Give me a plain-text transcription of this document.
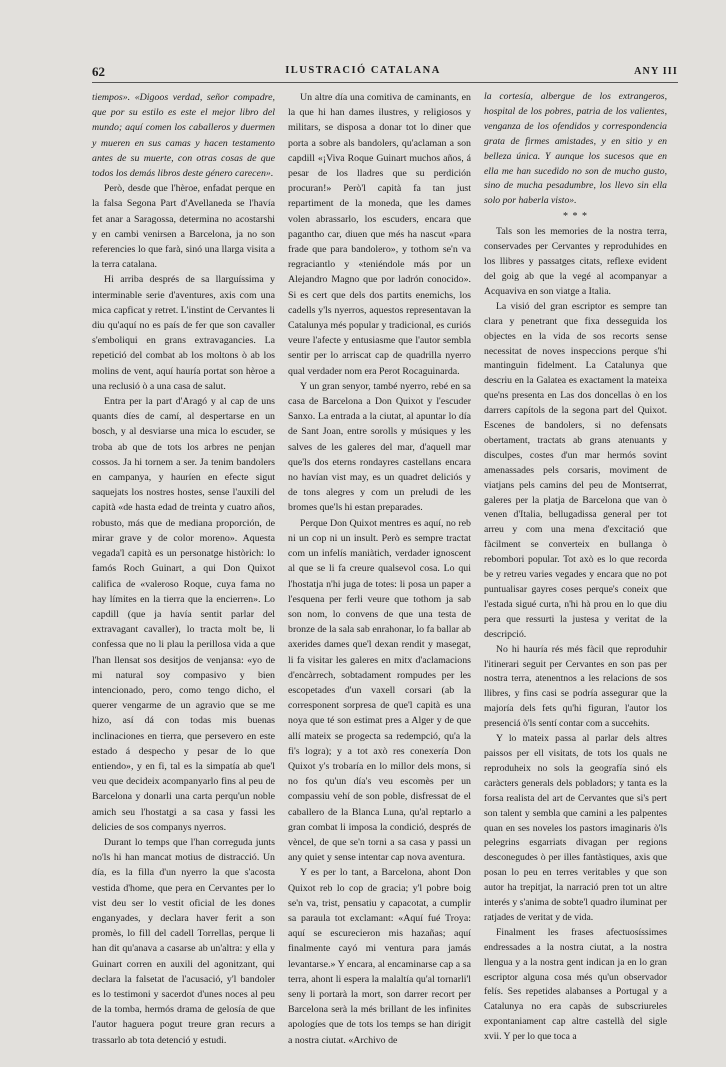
62	ILUSTRACIÓ CATALANA	ANY III

tiempos». «Digoos verdad, señor compadre, que por su estilo es este el mejor libro del mundo; aquí comen los caballeros y duermen y mueren en sus camas y hacen testamento antes de su muerte, con otras cosas de que todos los demás libros deste género carecen».

Però, desde que l'hèroe, enfadat perque en la falsa Segona Part d'Avellaneda se l'havía fet anar a Saragossa, determina no acostarshi y en cambi venirsen a Barcelona, ja no son referencies lo que farà, sinó una llarga visita a la terra catalana.

Hi arriba després de sa llarguíssima y interminable serie d'aventures, axis com una mica capficat y retret. L'instint de Cervantes li diu qu'aquí no es país de fer que son cavaller s'emboliqui en grans extravagancies. La repetició del combat ab los moltons ò ab los molins de vent, aquí hauría portat son hèroe a una reclusió ò a una casa de salut.

Entra per la part d'Aragó y al cap de uns quants díes de camí, al despertarse en un bosch, y al desviarse una mica lo escuder, se troba ab que de tots los arbres ne penjan cossos. Ja hi tornem a ser. Ja tenim bandolers en campanya, y hauríen en efecte sigut saquejats los nostres hostes, sense l'auxili del capità «de hasta edad de treinta y cuatro años, robusto, más que de mediana proporción, de mirar grave y de color moreno». Aquesta vegada'l capità es un personatge històrich: lo famós Roch Guinart, a qui Don Quixot califica de «valeroso Roque, cuya fama no hay límites en la tierra que la encierren». Lo capdill (que ja havía sentit parlar del extravagant cavaller), lo tracta molt be, li confessa que no li plau la perillosa vida a que l'han llensat sos desitjos de venjansa: «yo de mi natural soy compasivo y bien intencionado, pero, como tengo dicho, el querer vengarme de un agravio que se me hizo, así dá con todas mis buenas inclinaciones en tierra, que persevero en este estado á despecho y pesar de lo que entiendo», y en fi, tal es la simpatía ab que'l veu que decideix acompanyarlo fins al peu de Barcelona y donarli una carta perqu'un noble amich seu l'hostatgi a sa casa y fassi les delicies de sos companys nyerros.

Durant lo temps que l'han correguda junts no'ls hi han mancat motius de distracció. Un día, es la filla d'un nyerro la que s'acosta vestida d'home, que pera en Cervantes per lo vist deu ser lo vestit oficial de les dones enganyades, y declara haver ferit a son promès, lo fill del cadell Torrellas, perque li han dit qu'anava a casarse ab un'altra: y ella y Guinart corren en auxili del agonitzant, qui declara la falsetat de l'acusació, y'l bandoler es lo testimoni y sacerdot d'unes noces al peu de la tomba, hermós drama de gelosía de que l'autor haguera pogut treure gran recurs a trassarlo ab tota detenció y estudi.

Un altre día una comitiva de caminants, en la que hi han dames ilustres, y religiosos y militars, se disposa a donar tot lo diner que porta a sobre als bandolers, qu'aclaman a son capdill «¡Viva Roque Guinart muchos años, á pesar de los lladres que su perdición procuran!» Però'l capità fa tan just repartiment de la moneda, que les dames volen abrassarlo, los escuders, encara que pagantho car, diuen que més ha nascut «para frade que para bandolero», y tothom se'n va regraciantlo y «teniéndole más por un Alejandro Magno que por ladrón conocido». Si es cert que dels dos partits enemichs, los cadells y'ls nyerros, aquestos representavan la Catalunya més popular y tradicional, es curiós veure l'afecte y entusiasme que l'autor sembla sentir per lo arriscat cap de quadrilla nyerro qual verdader nom era Perot Rocaguinarda.

Y un gran senyor, també nyerro, rebé en sa casa de Barcelona a Don Quixot y l'escuder Sanxo. La entrada a la ciutat, al apuntar lo día de Sant Joan, entre sorolls y músiques y les salves de les galeres del mar, d'aquell mar que'ls dos eterns rondayres castellans encara no havían vist may, es un quadret deliciós y de tons alegres y com un preludi de les bromes que'ls hi estan preparades.

Perque Don Quixot mentres es aquí, no reb ni un cop ni un insult. Però es sempre tractat com un infelís maniàtich, verdader ignoscent al que se li fa creure qualsevol cosa. Lo qui l'hostatja n'hi juga de totes: li posa un paper a l'esquena per ferli veure que tothom ja sab son nom, lo convens de que una testa de bronze de la sala sab enrahonar, lo fa ballar ab axerides dames que'l dexan rendit y masegat, li fa visitar les galeres en mitx d'aclamacions d'encàrrech, sobtadament rompudes per les escopetades d'un vaxell corsari (ab la corresponent sorpresa de que'l capità es una noya que té son estimat pres a Alger y de que allí mateix se progecta sa redempció, qu'a la fi's logra); y a tot axò res conexería Don Quixot y's trobaría en lo millor dels mons, si no fos qu'un día's veu escomès per un compassiu vehí de son poble, disfressat de el caballero de la Blanca Luna, qu'al reptarlo a gran combat li imposa la condició, després de vèncel, de que se'n torni a sa casa y passi un any quiet y sense intentar cap nova aventura.

Y es per lo tant, a Barcelona, ahont Don Quixot reb lo cop de gracia; y'l pobre boig se'n va, trist, pensatiu y capacotat, a cumplir sa paraula tot exclamant: «Aquí fué Troya: aquí se escurecieron mis hazañas; aquí finalmente cayó mi ventura para jamás levantarse.» Y encara, al encaminarse cap a sa terra, ahont li espera la malaltía qu'al tornarli'l seny li portarà la mort, son darrer recort per Barcelona serà la més brillant de les infinites apologíes que de tots los temps se han dirigit a nostra ciutat. «Archivo de

la cortesía, albergue de los extrangeros, hospital de los pobres, patria de los valientes, venganza de los ofendidos y correspondencia grata de firmes amistades, y en sitio y en belleza única. Y aunque los sucesos que en ella me han sucedido no son de mucho gusto, sino de mucha pesadumbre, los llevo sin ella solo por haberla visto».

* * *

Tals son les memories de la nostra terra, conservades per Cervantes y reproduhides en los llibres y passatges citats, reflexe evident del goig ab que la vegé al acompanyar a Acquaviva en son viatge a Italia.

La visió del gran escriptor es sempre tan clara y penetrant que fixa desseguida los objectes en la vida de sos recorts sense necessitat de noves inspeccions perque s'hi mantinguin fidelment. La Catalunya que descriu en la Galatea es exactament la mateixa que'ns presenta en Las dos doncellas ò en los darrers capítols de la segona part del Quixot. Escenes de bandolers, si no defensats obertament, tractats ab grans atenuants y disculpes, costes d'un mar hermós sovint amenassades pels corsaris, moviment de viatjans pels camins del peu de Montserrat, galeres per la platja de Barcelona que van ò venen d'Italia, bellugadissa general per tot arreu y com una mena d'excitació que fàcilment se converteix en bullanga ò rebombori popular. Tot axò es lo que recorda be y retreu varies vegades y encara que no pot puntualisar gayres coses perque's coneix que l'estada sigué curta, n'hi hà prou en lo que diu pera que ressurti la justesa y veritat de la descripció.

No hi hauría rés més fàcil que reproduhir l'itinerari seguit per Cervantes en son pas per nostra terra, atenentnos a les relacions de sos llibres, y fins casi se podría assegurar que la majoría dels fets qu'hi figuran, l'autor los presenciá ò'ls sentí contar com a succehits.

Y lo mateix passa al parlar dels altres paissos per ell visitats, de tots los quals ne reproduheix no sols la geografía sinó els caràcters generals dels pobladors; y tanta es la forsa realista del art de Cervantes que si's pert son talent y sembla que camini a les palpentes quan en ses noveles los pastors imaginaris ò'ls pelegrins esgarriats divagan per regions desconegudes ò per illes fantàstiques, axis que posan lo peu en terres veritables y que son autor ha trepitjat, la narració pren tot un altre interés y s'anima de sobte'l quadro iluminat per ratjades de veritat y de vida.

Finalment les frases afectuosíssimes endressades a la nostra ciutat, a la nostra llengua y a la nostra gent indican ja en lo gran escriptor alguna cosa més qu'un observador felís. Ses repetides alabanses a Portugal y a Catalunya no era capàs de subscriureles expontaniament cap altre castellà del sigle xvii. Y per lo que toca a
